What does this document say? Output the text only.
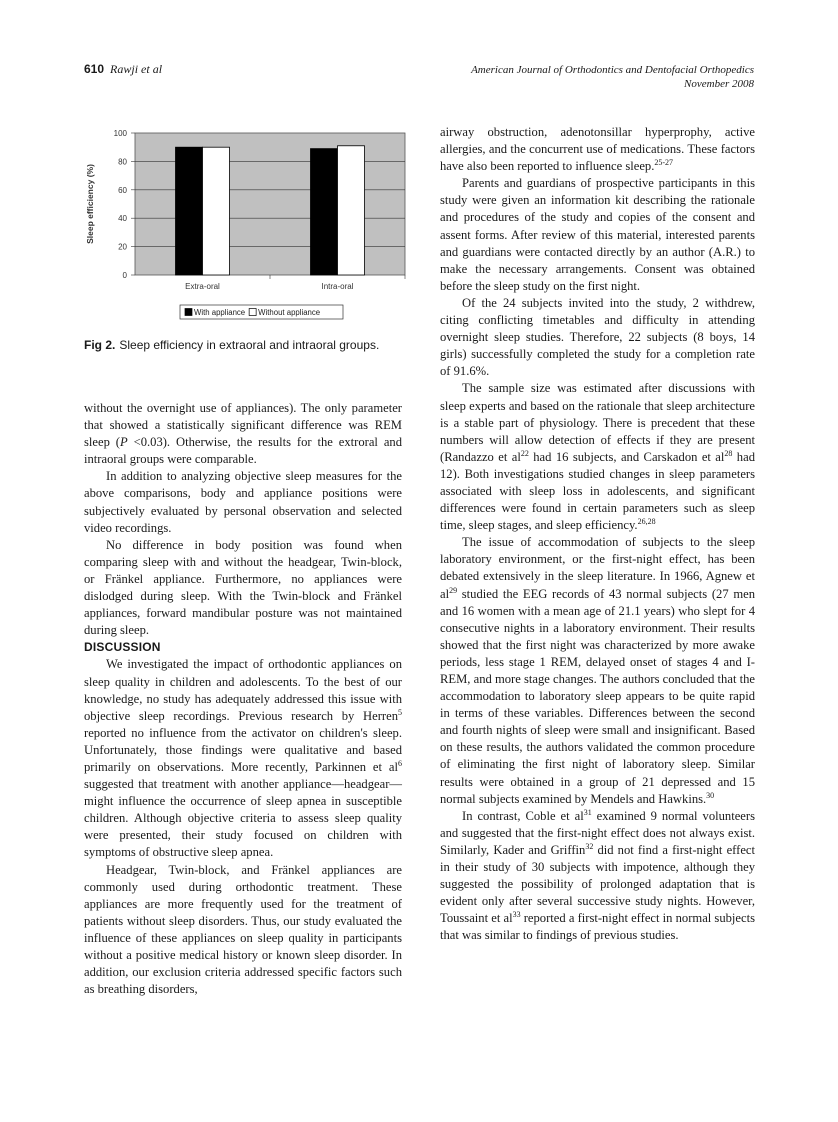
610 Rawji et al	American Journal of Orthodontics and Dentofacial Orthopedics
November 2008
0
20
40
60
80
100
Sleep efficiency (%)
Extra-oral	Intra-oral
With appliance Without appliance
Fig 2. Sleep efficiency in extraoral and intraoral groups.

without the overnight use of appliances). The only parameter that showed a statistically significant difference was REM sleep (P <0.03). Otherwise, the results for the extroral and intraoral groups were comparable.

In addition to analyzing objective sleep measures for the above comparisons, body and appliance positions were subjectively evaluated by personal observation and selected video recordings.

No difference in body position was found when comparing sleep with and without the headgear, Twin-block, or Fränkel appliance. Furthermore, no appliances were dislodged during sleep. With the Twin-block and Fränkel appliances, forward mandibular posture was not maintained during sleep.

DISCUSSION

We investigated the impact of orthodontic appliances on sleep quality in children and adolescents. To the best of our knowledge, no study has adequately addressed this issue with objective sleep recordings. Previous research by Herren$^5$ reported no influence from the activator on children's sleep. Unfortunately, those findings were qualitative and based primarily on observations. More recently, Parkinnen et $al^6$ suggested that treatment with another appliance—headgear—might influence the occurrence of sleep apnea in susceptible children. Although objective criteria to assess sleep quality were presented, their study focused on children with symptoms of obstructive sleep apnea.

Headgear, Twin-block, and Fränkel appliances are commonly used during orthodontic treatment. These appliances are more frequently used for the treatment of patients without sleep disorders. Thus, our study evaluated the influence of these appliances on sleep quality in participants without a positive medical history or known sleep disorder. In addition, our exclusion criteria addressed specific factors such as breathing disorders,

airway obstruction, adenotonsillar hyperprophy, active allergies, and the concurrent use of medications. These factors have also been reported to influence sleep.$^{25-27}$

Parents and guardians of prospective participants in this study were given an information kit describing the rationale and procedures of the study and copies of the consent and assent forms. After review of this material, interested parents and guardians were contacted directly by an author (A.R.) to make the necessary arrangements. Consent was obtained before the sleep study on the first night.

Of the 24 subjects invited into the study, 2 withdrew, citing conflicting timetables and difficulty in attending overnight sleep studies. Therefore, 22 subjects (8 boys, 14 girls) successfully completed the study for a completion rate of 91.6%.

The sample size was estimated after discussions with sleep experts and based on the rationale that sleep architecture is a stable part of physiology. There is precedent that these numbers will allow detection of effects if they are present (Randazzo et $al^{22}$ had 16 subjects, and Carskadon et $al^{28}$ had 12). Both investigations studied changes in sleep parameters associated with sleep loss in adolescents, and significant differences were found in certain parameters such as sleep time, sleep stages, and sleep efficiency.$^{26,28}$

The issue of accommodation of subjects to the sleep laboratory environment, or the first-night effect, has been debated extensively in the sleep literature. In 1966, Agnew et $al^{29}$ studied the EEG records of 43 normal subjects (27 men and 16 women with a mean age of 21.1 years) who slept for 4 consecutive nights in a laboratory environment. Their results showed that the first night was characterized by more awake periods, less stage 1 REM, delayed onset of stages 4 and I-REM, and more stage changes. The authors concluded that the accommodation to laboratory sleep appears to be quite rapid in terms of these variables. Differences between the second and fourth nights of sleep were small and insignificant. Based on these results, the authors validated the common procedure of eliminating the first night of laboratory sleep. Similar results were obtained in a group of 21 depressed and 15 normal subjects examined by Mendels and Hawkins.$^{30}$

In contrast, Coble et $al^{31}$ examined 9 normal volunteers and suggested that the first-night effect does not always exist. Similarly, Kader and Griffin$^{32}$ did not find a first-night effect in their study of 30 subjects with impotence, although they suggested the possibility of prolonged adaptation that is evident only after several successive study nights. However, Toussaint et $al^{33}$ reported a first-night effect in normal subjects that was similar to findings of previous studies.
